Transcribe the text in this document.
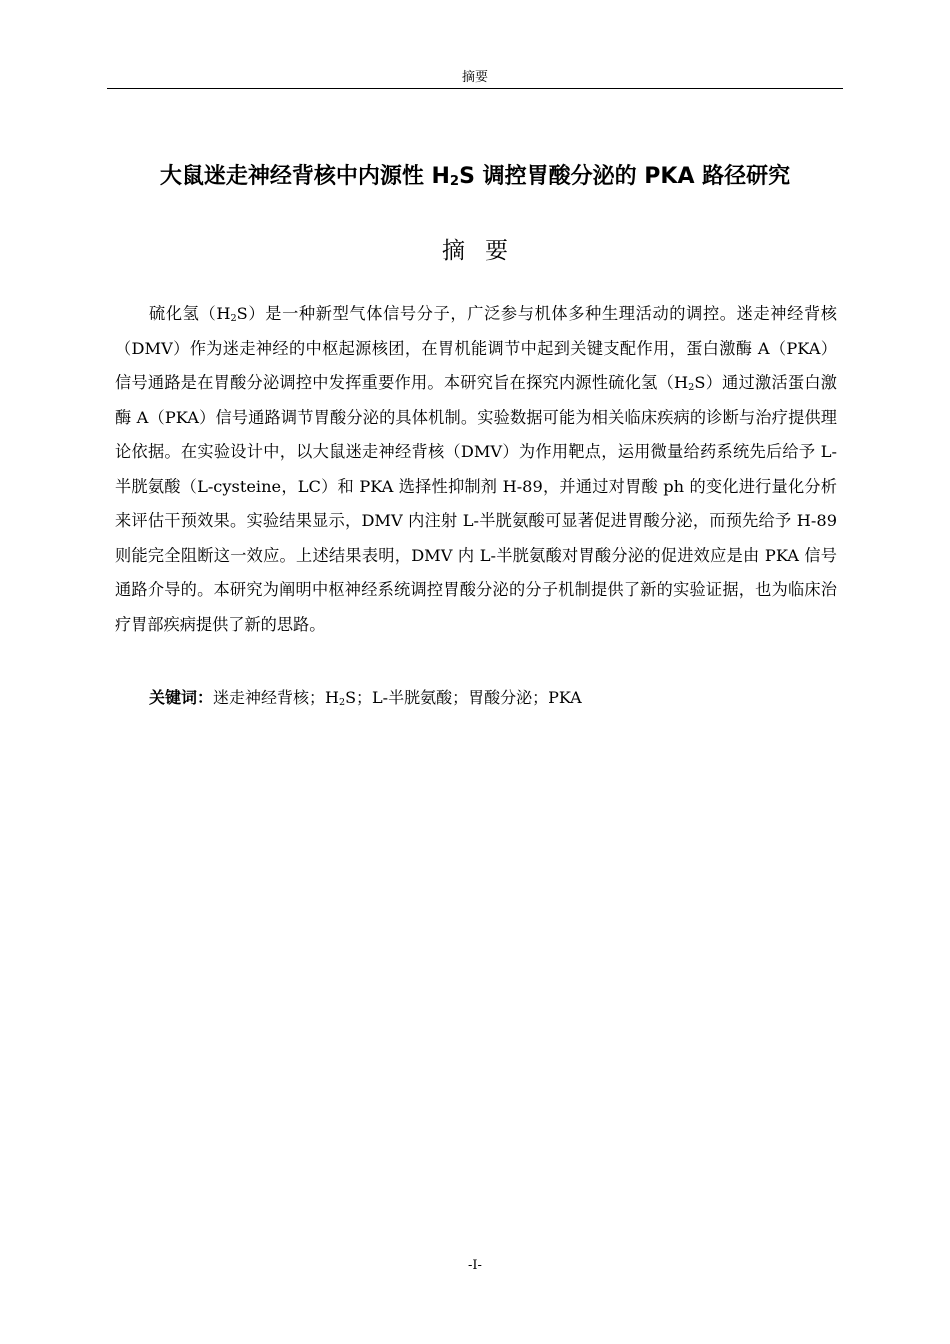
摘要
大鼠迷走神经背核中内源性 $H_2S$ 调控胃酸分泌的 PKA 路径研究
摘要

硫化氢$(H_2S)$是一种新型气体信号分子，广泛参与机体多种生理活动的调控。迷走神经背核（DMV）作为迷走神经的中枢起源核团，在胃机能调节中起到关键支配作用，蛋白激酶 A（PKA）信号通路是在胃酸分泌调控中发挥重要作用。本研究旨在探究内源性硫化氢$(H_2S)$通过激活蛋白激酶 A（PKA）信号通路调节胃酸分泌的具体机制。实验数据可能为相关临床疾病的诊断与治疗提供理论依据。在实验设计中，以大鼠迷走神经背核（DMV）为作用靶点，运用微量给药系统先后给予 L-半胱氨酸（L-cysteine，LC）和 PKA 选择性抑制剂 H-89，并通过对胃酸 ph 的变化进行量化分析来评估干预效果。实验结果显示，DMV 内注射 L-半胱氨酸可显著促进胃酸分泌，而预先给予 H-89 则能完全阻断这一效应。上述结果表明，DMV 内 L-半胱氨酸对胃酸分泌的促进效应是由 PKA 信号通路介导的。本研究为阐明中枢神经系统调控胃酸分泌的分子机制提供了新的实验证据，也为临床治疗胃部疾病提供了新的思路。

关键词：迷走神经背核；$H_2S$；L-半胱氨酸；胃酸分泌；PKA
-I-
